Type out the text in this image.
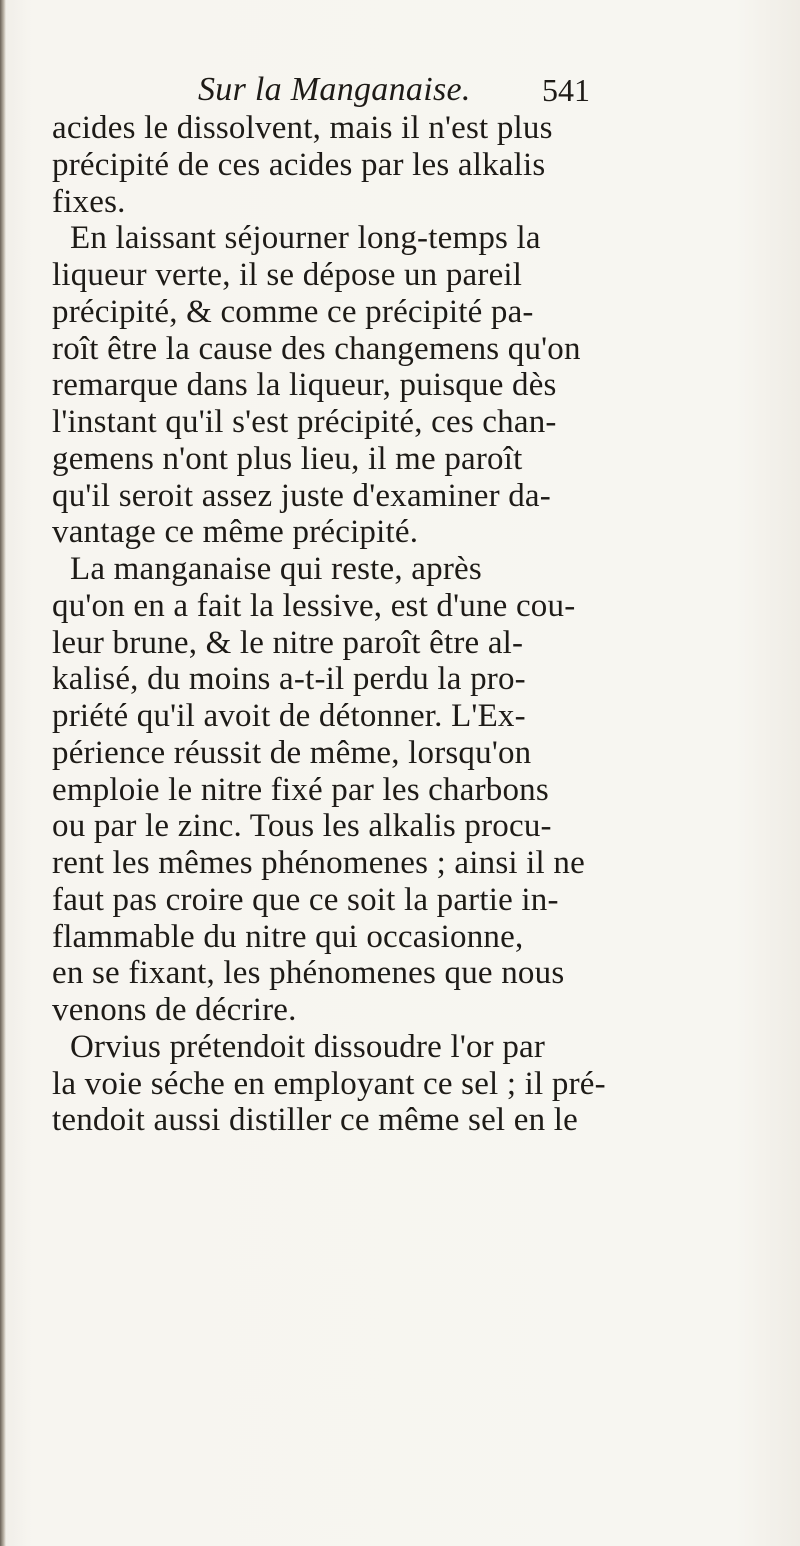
Sur la Manganaise. 541
acides le dissolvent, mais il n'est plus
précipité de ces acides par les alkalis
fixes.
En laissant séjourner long-temps la
liqueur verte, il se dépose un pareil
précipité, & comme ce précipité pa-
roît être la cause des changemens qu'on
remarque dans la liqueur, puisque dès
l'instant qu'il s'est précipité, ces chan-
gemens n'ont plus lieu, il me paroît
qu'il seroit assez juste d'examiner da-
vantage ce même précipité.
La manganaise qui reste, après
qu'on en a fait la lessive, est d'une cou-
leur brune, & le nitre paroît être al-
kalisé, du moins a-t-il perdu la pro-
priété qu'il avoit de détonner. L'Ex-
périence réussit de même, lorsqu'on
emploie le nitre fixé par les charbons
ou par le zinc. Tous les alkalis procu-
rent les mêmes phénomenes ; ainsi il ne
faut pas croire que ce soit la partie in-
flammable du nitre qui occasionne,
en se fixant, les phénomenes que nous
venons de décrire.
Orvius prétendoit dissoudre l'or par
la voie séche en employant ce sel ; il pré-
tendoit aussi distiller ce même sel en le
